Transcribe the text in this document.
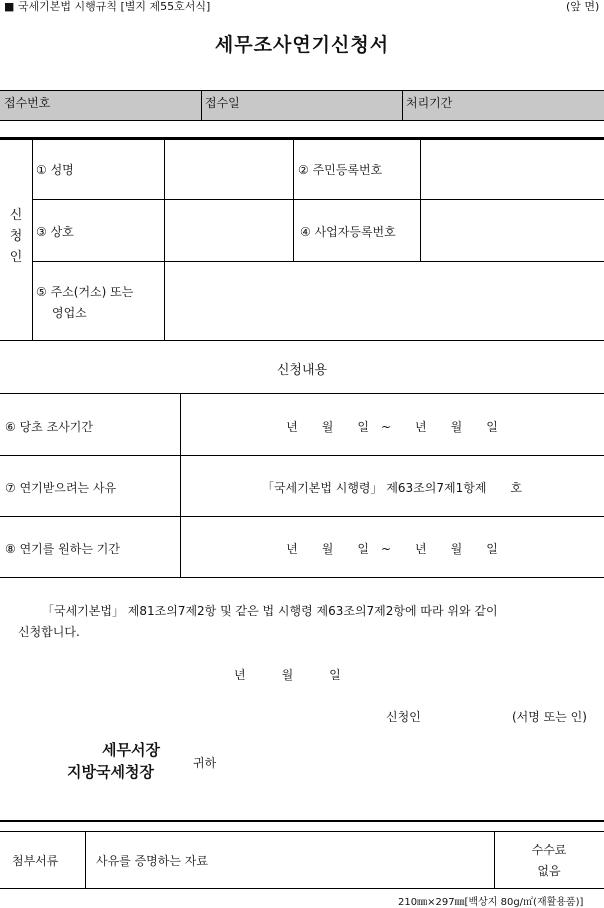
■ 국세기본법 시행규칙 [별지 제55호서식]	(앞 면)
세무조사연기신청서
접수번호	접수일	처리기간
신
청
인
① 성명	② 주민등록번호
③ 상호	④ 사업자등록번호
⑤ 주소(거소) 또는
영업소
신청내용
⑥ 당초 조사기간	년　　월　　일　~　　년　　월　　일
⑦ 연기받으려는 사유	「국세기본법 시행령」 제63조의7제1항제　　호
⑧ 연기를 원하는 기간	년　　월　　일　~　　년　　월　　일
「국세기본법」 제81조의7제2항 및 같은 법 시행령 제63조의7제2항에 따라 위와 같이
신청합니다.
년　　　월　　　일
신청인	(서명 또는 인)
세무서장
지방국세청장	귀하
첨부서류	사유를 증명하는 자료
수수료
없음
210㎜×297㎜[백상지 80g/㎡(재활용품)]
